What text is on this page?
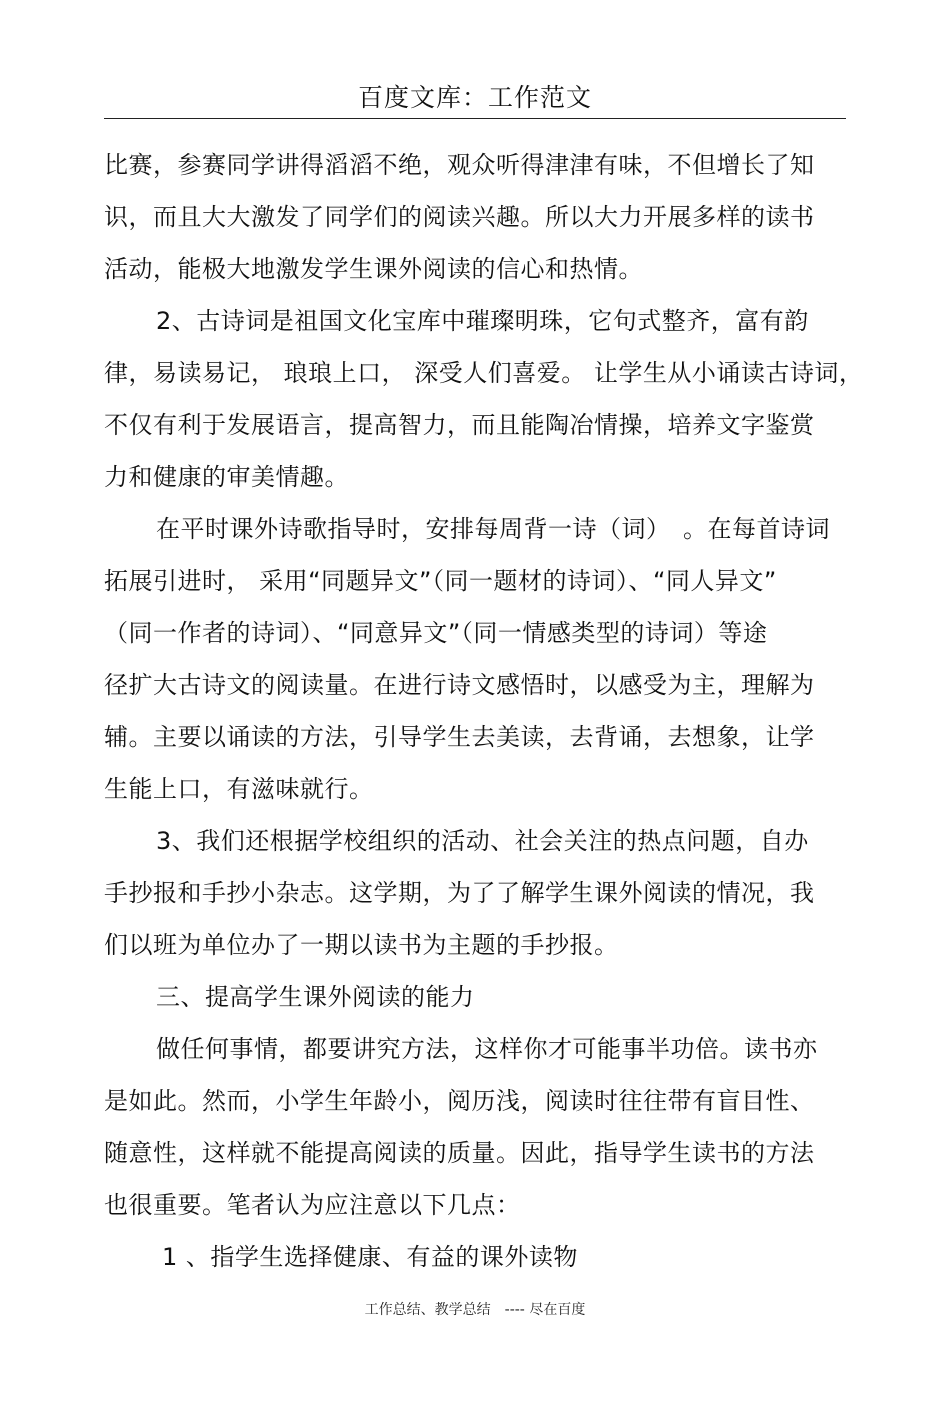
百度文库：工作范文
比赛，参赛同学讲得滔滔不绝，观众听得津津有味，不但增长了知
识，而且大大激发了同学们的阅读兴趣。所以大力开展多样的读书
活动，能极大地激发学生课外阅读的信心和热情。
2、古诗词是祖国文化宝库中璀璨明珠，它句式整齐，富有韵
律，易读易记， 琅琅上口， 深受人们喜爱。 让学生从小诵读古诗词，
不仅有利于发展语言，提高智力，而且能陶冶情操，培养文字鉴赏
力和健康的审美情趣。
在平时课外诗歌指导时，安排每周背一诗（词）　。在每首诗词
拓展引进时， 采用“同题异文”（同一题材的诗词）、“同人异文”
（同一作者的诗词）、“同意异文”（同一情感类型的诗词）等途
径扩大古诗文的阅读量。在进行诗文感悟时，以感受为主，理解为
辅。主要以诵读的方法，引导学生去美读，去背诵，去想象，让学
生能上口，有滋味就行。
3、我们还根据学校组织的活动、社会关注的热点问题，自办
手抄报和手抄小杂志。这学期，为了了解学生课外阅读的情况，我
们以班为单位办了一期以读书为主题的手抄报。
三、提高学生课外阅读的能力
做任何事情，都要讲究方法，这样你才可能事半功倍。读书亦
是如此。然而，小学生年龄小，阅历浅，阅读时往往带有盲目性、
随意性，这样就不能提高阅读的质量。因此，指导学生读书的方法
也很重要。笔者认为应注意以下几点：
1 、指学生选择健康、有益的课外读物
工作总结、教学总结　---- 尽在百度
